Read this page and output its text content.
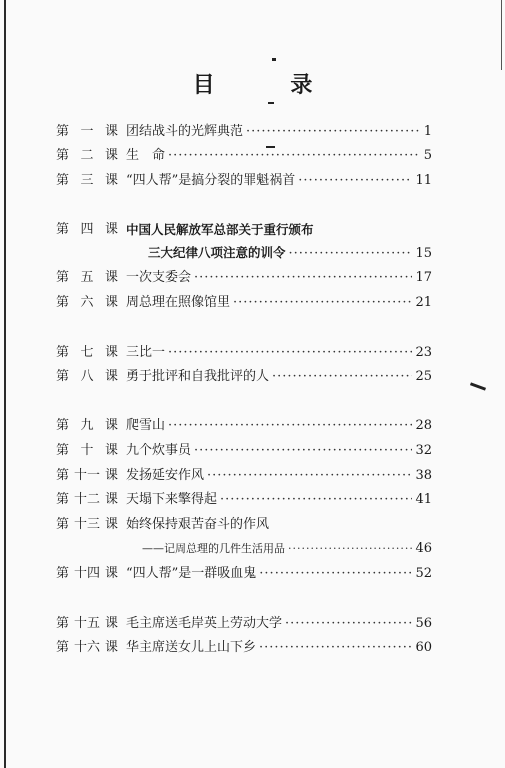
目 录
第 一 课 团结战斗的光辉典范 ·····	1
第 二 课 生　命 ·····	5
第 三 课 “四人帮”是搞分裂的罪魁祸首 ·····	11
第 四 课 中国人民解放军总部关于重行颁布
三大纪律八项注意的训令 ·····	15
第 五 课 一次支委会 ·····	17
第 六 课 周总理在照像馆里 ·····	21
第 七 课 三比一 ·····	23
第 八 课 勇于批评和自我批评的人 ·····	25
第 九 课 爬雪山 ·····	28
第 十 课 九个炊事员 ·····	32
第 十一 课 发扬延安作风 ·····	38
第 十二 课 天塌下来擎得起 ·····	41
第 十三 课 始终保持艰苦奋斗的作风
——记周总理的几件生活用品 ·····	46
第 十四 课 “四人帮”是一群吸血鬼 ·····	52
第 十五 课 毛主席送毛岸英上劳动大学 ·····	56
第 十六 课 华主席送女儿上山下乡 ·····	60
